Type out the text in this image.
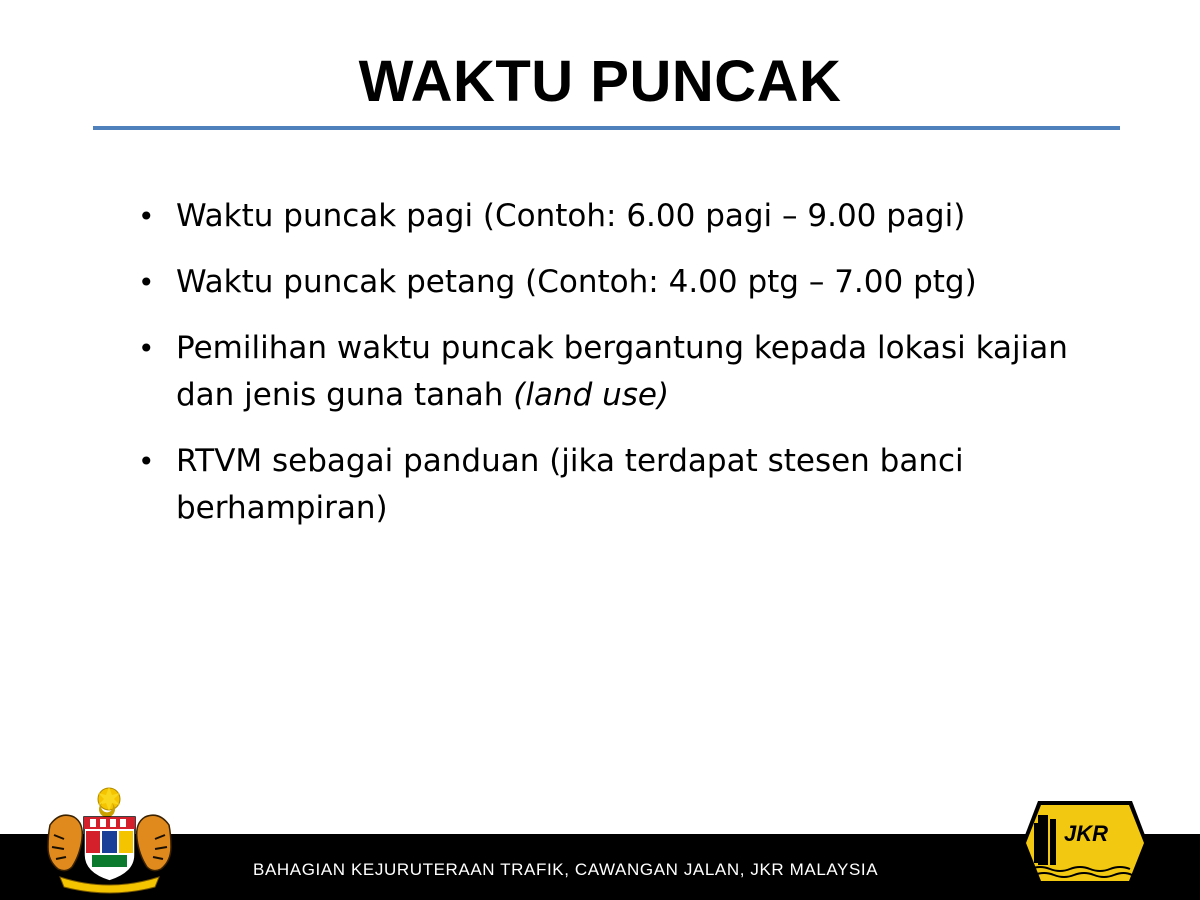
WAKTU PUNCAK
• Waktu puncak pagi (Contoh: 6.00 pagi – 9.00 pagi)
• Waktu puncak petang (Contoh: 4.00 ptg – 7.00 ptg)
• Pemilihan waktu puncak bergantung kepada lokasi kajian dan jenis guna tanah (land use)
• RTVM sebagai panduan (jika terdapat stesen banci berhampiran)
BAHAGIAN KEJURUTERAAN TRAFIK, CAWANGAN JALAN, JKR MALAYSIA
JKR
